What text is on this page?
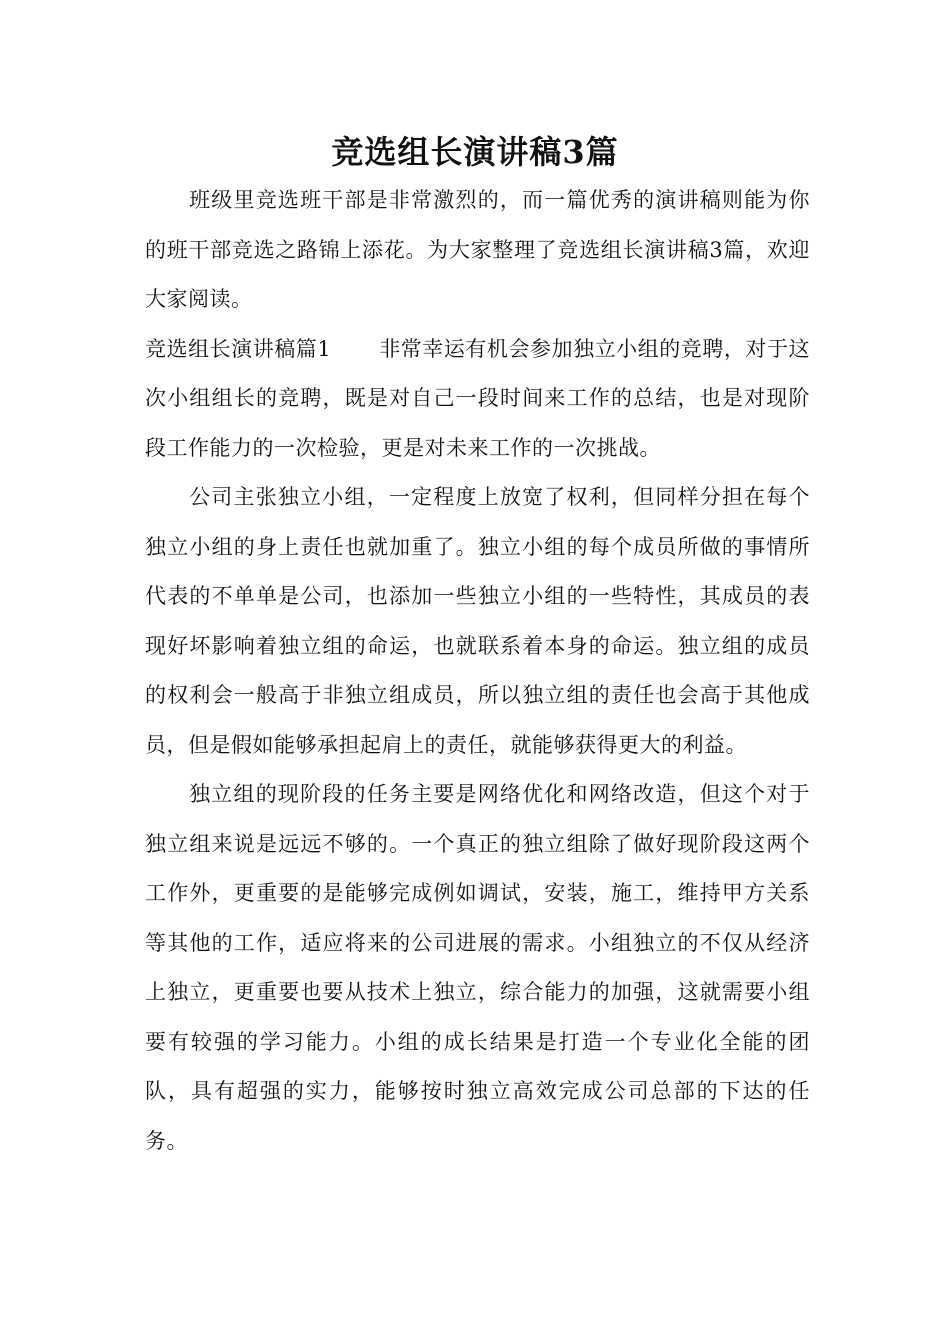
竞选组长演讲稿3篇

班级里竞选班干部是非常激烈的，而一篇优秀的演讲稿则能为你的班干部竞选之路锦上添花。为大家整理了竞选组长演讲稿3篇，欢迎大家阅读。

竞选组长演讲稿篇1 非常幸运有机会参加独立小组的竞聘，对于这次小组组长的竞聘，既是对自己一段时间来工作的总结，也是对现阶段工作能力的一次检验，更是对未来工作的一次挑战。

公司主张独立小组，一定程度上放宽了权利，但同样分担在每个独立小组的身上责任也就加重了。独立小组的每个成员所做的事情所代表的不单单是公司，也添加一些独立小组的一些特性，其成员的表现好坏影响着独立组的命运，也就联系着本身的命运。独立组的成员的权利会一般高于非独立组成员，所以独立组的责任也会高于其他成员，但是假如能够承担起肩上的责任，就能够获得更大的利益。

独立组的现阶段的任务主要是网络优化和网络改造，但这个对于独立组来说是远远不够的。一个真正的独立组除了做好现阶段这两个工作外，更重要的是能够完成例如调试，安装，施工，维持甲方关系等其他的工作，适应将来的公司进展的需求。小组独立的不仅从经济上独立，更重要也要从技术上独立，综合能力的加强，这就需要小组要有较强的学习能力。小组的成长结果是打造一个专业化全能的团队，具有超强的实力，能够按时独立高效完成公司总部的下达的任务。
